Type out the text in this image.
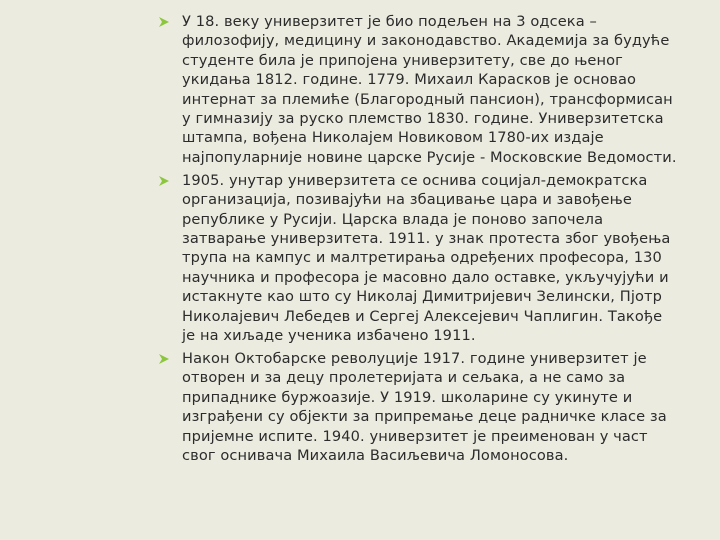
У 18. веку универзитет је био подељен на 3 одсека – филозофију, медицину и законодавство. Академија за будуће студенте била је припојена универзитету, све до њеног укидања 1812. године. 1779. Михаил Карасков је основао интернат за племиће (Благородный пансион), трансформисан у гимназију за руско племство 1830. године. Универзитетска штампа, вођена Николајем Новиковом 1780-их издаје најпопуларније новине царске Русије - Московские Ведомости.
1905. унутар универзитета се оснива социјал-демократска организација, позивајући на збацивање цара и завођење републике у Русији. Царска влада је поново започела затварање универзитета. 1911. у знак протеста због увођења трупа на кампус и малтретирања одређених професора, 130 научника и професора је масовно дало оставке, укључујући и истакнуте као што су Николај Димитријевич Зелински, Пјотр Николајевич Лебедев и Сергеј Алексејевич Чаплигин. Такође је на хиљаде ученика избачено 1911.
Након Октобарске револуције 1917. године универзитет је отворен и за децу пролетеријата и сељака, а не само за припаднике буржоазије. У 1919. школарине су укинуте и изграђени су објекти за припремање деце радничке класе за пријемне испите. 1940. универзитет је преименован у част свог оснивача Михаила Васиљевича Ломоносова.
